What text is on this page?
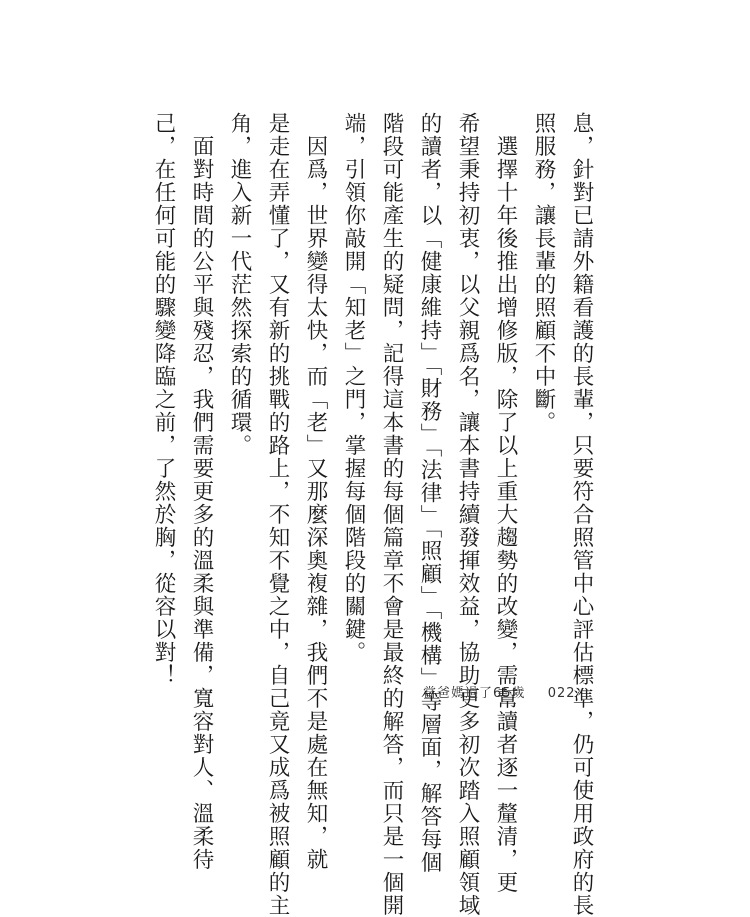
息，針對已請外籍看護的長輩，只要符合照管中心評估標準，仍可使用政府的長
照服務，讓長輩的照顧不中斷。
　選擇十年後推出增修版，除了以上重大趨勢的改變，需幫讀者逐一釐清，更
希望秉持初衷，以父親爲名，讓本書持續發揮效益，協助更多初次踏入照顧領域
的讀者，以「健康維持」「財務」「法律」「照顧」「機構」等層面，解答每個
階段可能產生的疑問，記得這本書的每個篇章不會是最終的解答，而只是一個開
端，引領你敲開「知老」之門，掌握每個階段的關鍵。
　因爲，世界變得太快，而「老」又那麼深奧複雜，我們不是處在無知，就
是走在弄懂了，又有新的挑戰的路上，不知不覺之中，自己竟又成爲被照顧的主
角，進入新一代茫然探索的循環。
　面對時間的公平與殘忍，我們需要更多的溫柔與準備，寬容對人、溫柔待
己，在任何可能的驟變降臨之前，了然於胸，從容以對！
當爸媽過了65歲 022
